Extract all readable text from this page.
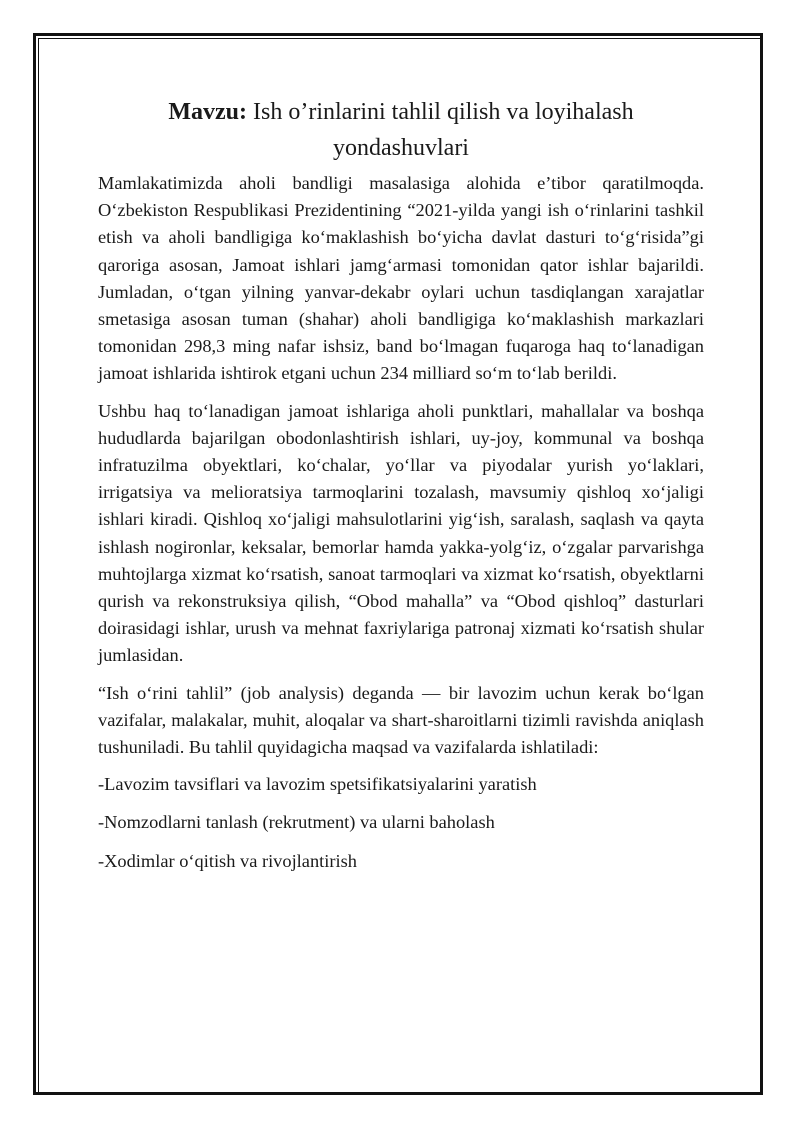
Mavzu: Ish o’rinlarini tahlil qilish va loyihalash yondashuvlari

Mamlakatimizda aholi bandligi masalasiga alohida e’tibor qaratilmoqda. O‘zbekiston Respublikasi Prezidentining “2021-yilda yangi ish o‘rinlarini tashkil etish va aholi bandligiga ko‘maklashish bo‘yicha davlat dasturi to‘g‘risida”gi qaroriga asosan, Jamoat ishlari jamg‘armasi tomonidan qator ishlar bajarildi. Jumladan, o‘tgan yilning yanvar-dekabr oylari uchun tasdiqlangan xarajatlar smetasiga asosan tuman (shahar) aholi bandligiga ko‘maklashish markazlari tomonidan 298,3 ming nafar ishsiz, band bo‘lmagan fuqaroga haq to‘lanadigan jamoat ishlarida ishtirok etgani uchun 234 milliard so‘m to‘lab berildi.

Ushbu haq to‘lanadigan jamoat ishlariga aholi punktlari, mahallalar va boshqa hududlarda bajarilgan obodonlashtirish ishlari, uy-joy, kommunal va boshqa infratuzilma obyektlari, ko‘chalar, yo‘llar va piyodalar yurish yo‘laklari, irrigatsiya va melioratsiya tarmoqlarini tozalash, mavsumiy qishloq xo‘jaligi ishlari kiradi. Qishloq xo‘jaligi mahsulotlarini yig‘ish, saralash, saqlash va qayta ishlash nogironlar, keksalar, bemorlar hamda yakka-yolg‘iz, o‘zgalar parvarishga muhtojlarga xizmat ko‘rsatish, sanoat tarmoqlari va xizmat ko‘rsatish, obyektlarni qurish va rekonstruksiya qilish, “Obod mahalla” va “Obod qishloq” dasturlari doirasidagi ishlar, urush va mehnat faxriylariga patronaj xizmati ko‘rsatish shular jumlasidan.

“Ish o‘rini tahlil” (job analysis) deganda — bir lavozim uchun kerak bo‘lgan vazifalar, malakalar, muhit, aloqalar va shart-sharoitlarni tizimli ravishda aniqlash tushuniladi. Bu tahlil quyidagicha maqsad va vazifalarda ishlatiladi:

-Lavozim tavsiflari va lavozim spetsifikatsiyalarini yaratish
-Nomzodlarni tanlash (rekrutment) va ularni baholash
-Xodimlar o‘qitish va rivojlantirish
